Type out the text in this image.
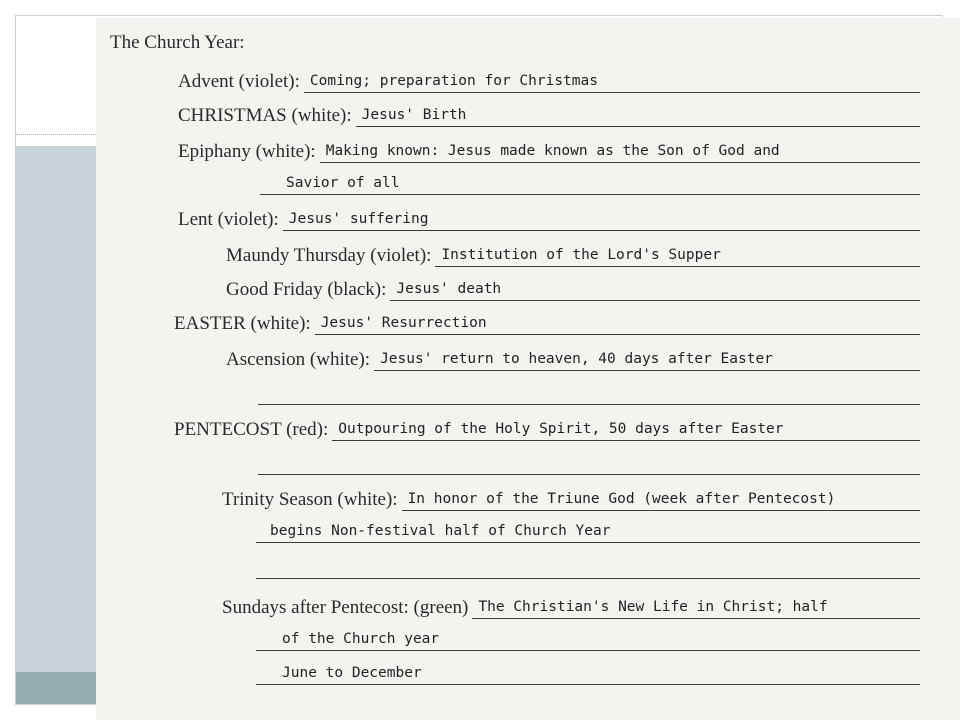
The Church Year:
Advent (violet): Coming; preparation for Christmas
CHRISTMAS (white): Jesus' Birth
Epiphany (white): Making known: Jesus made known as the Son of God and
Savior of all
Lent (violet): Jesus' suffering
Maundy Thursday (violet): Institution of the Lord's Supper
Good Friday (black): Jesus' death
EASTER (white): Jesus' Resurrection
Ascension (white): Jesus' return to heaven, 40 days after Easter
PENTECOST (red): Outpouring of the Holy Spirit, 50 days after Easter
Trinity Season (white): In honor of the Triune God (week after Pentecost)
begins Non-festival half of Church Year
Sundays after Pentecost: (green) The Christian's New Life in Christ; half
of the Church year
June to December
